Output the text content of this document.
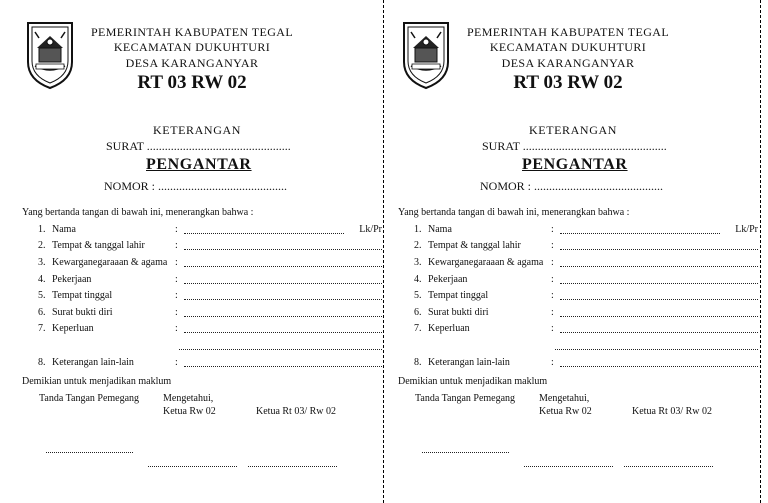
PEMERINTAH KABUPATEN TEGAL
KECAMATAN DUKUHTURI
DESA KARANGANYAR
RT 03 RW 02
KETERANGAN
SURAT ................................................
PENGANTAR
NOMOR : ...........................................
Yang bertanda tangan di bawah ini, menerangkan bahwa :
1. Nama	:	Lk/Pr
2. Tempat & tanggal lahir	:
3. Kewarganegaraaan & agama :
4. Pekerjaan	:
5. Tempat tinggal	:
6. Surat bukti diri	:
7. Keperluan	:
8. Keterangan lain-lain	:
Demikian untuk menjadikan maklum
Tanda Tangan Pemegang Mengetahui,
Ketua Rw 02	Ketua Rt 03/ Rw 02
PEMERINTAH KABUPATEN TEGAL
KECAMATAN DUKUHTURI
DESA KARANGANYAR
RT 03 RW 02
KETERANGAN
SURAT ................................................
PENGANTAR
NOMOR : ...........................................
Yang bertanda tangan di bawah ini, menerangkan bahwa :
1. Nama	:	Lk/Pr
2. Tempat & tanggal lahir	:
3. Kewarganegaraaan & agama :
4. Pekerjaan	:
5. Tempat tinggal	:
6. Surat bukti diri	:
7. Keperluan	:
8. Keterangan lain-lain	:
Demikian untuk menjadikan maklum
Tanda Tangan Pemegang Mengetahui,
Ketua Rw 02	Ketua Rt 03/ Rw 02
